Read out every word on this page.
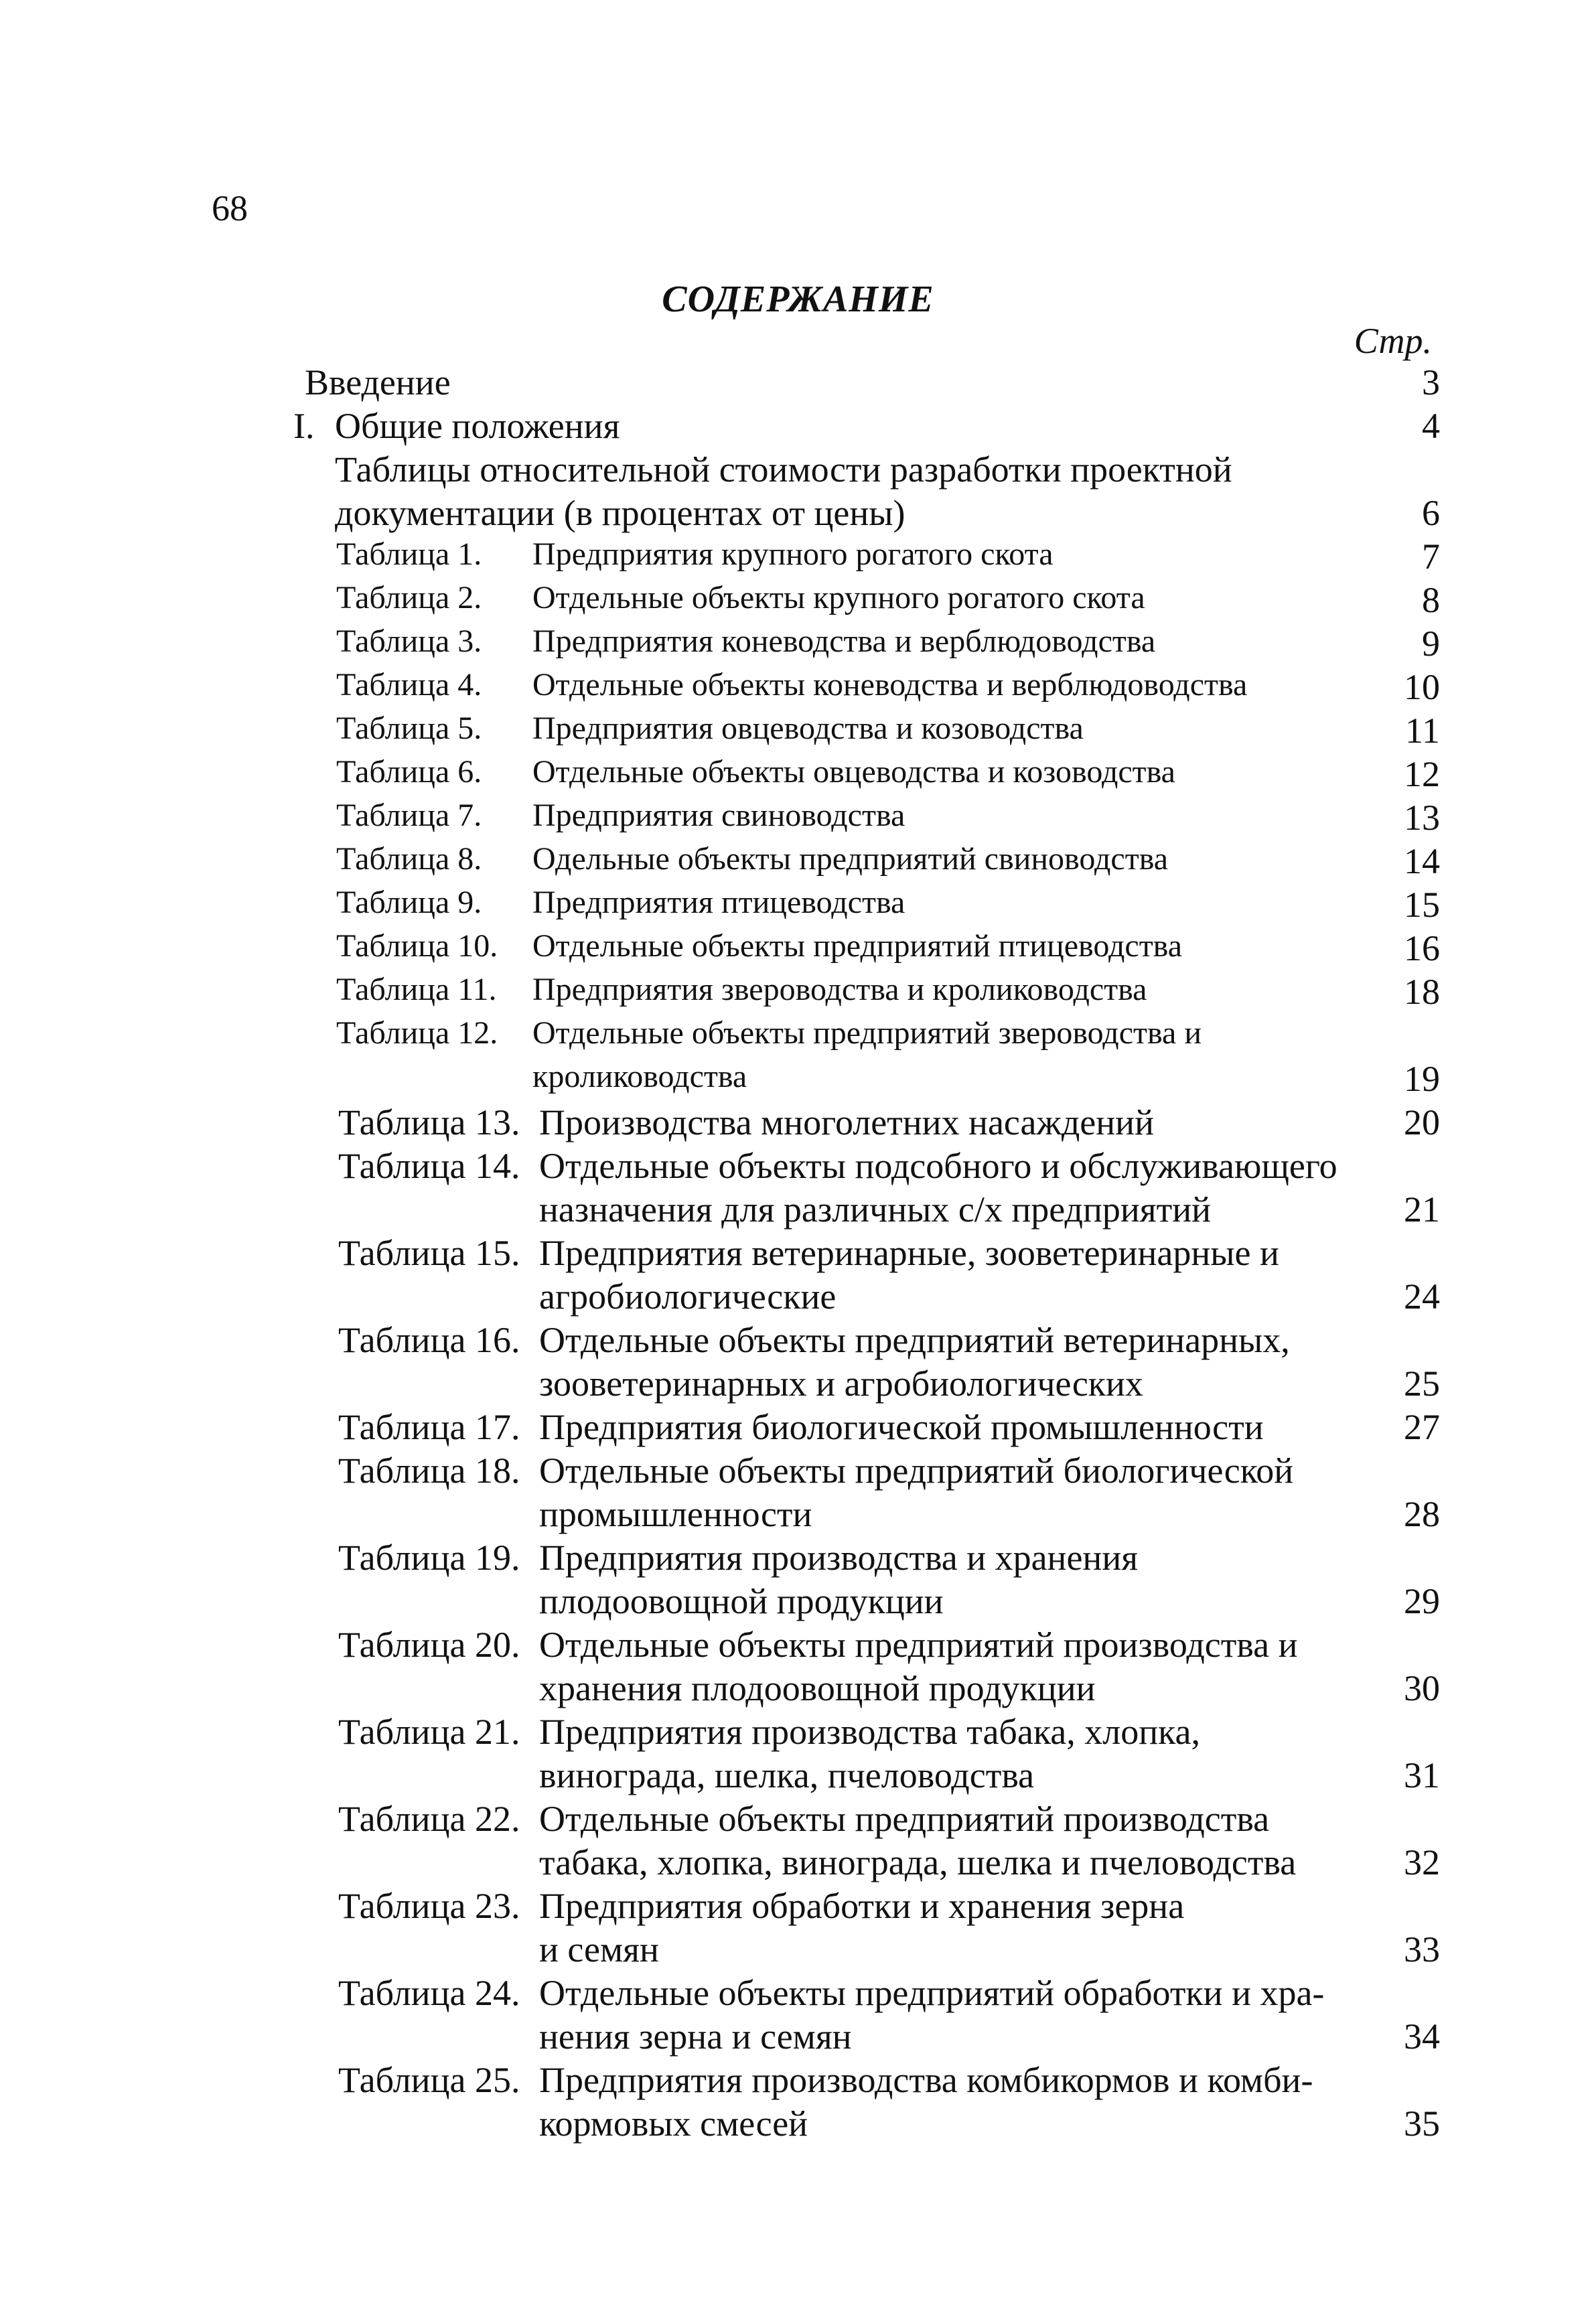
68
СОДЕРЖАНИЕ
Стр.
Введение	3
I. Общие положения	4
Таблицы относительной стоимости разработки проектной
документации (в процентах от цены)	6
Таблица 1. Предприятия крупного рогатого скота	7
Таблица 2. Отдельные объекты крупного рогатого скота	8
Таблица 3. Предприятия коневодства и верблюдоводства	9
Таблица 4. Отдельные объекты коневодства и верблюдоводства	10
Таблица 5. Предприятия овцеводства и козоводства	11
Таблица 6. Отдельные объекты овцеводства и козоводства	12
Таблица 7. Предприятия свиноводства	13
Таблица 8. Одельные объекты предприятий свиноводства	14
Таблица 9. Предприятия птицеводства	15
Таблица 10. Отдельные объекты предприятий птицеводства	16
Таблица 11. Предприятия звероводства и кролиководства	18
Таблица 12. Отдельные объекты предприятий звероводства и
кролиководства	19
Таблица 13. Производства многолетних насаждений	20
Таблица 14. Отдельные объекты подсобного и обслуживающего
назначения для различных с/х предприятий	21
Таблица 15. Предприятия ветеринарные, зооветеринарные и
агробиологические	24
Таблица 16. Отдельные объекты предприятий ветеринарных,
зооветеринарных и агробиологических	25
Таблица 17. Предприятия биологической промышленности	27
Таблица 18. Отдельные объекты предприятий биологической
промышленности	28
Таблица 19. Предприятия производства и хранения
плодоовощной продукции	29
Таблица 20. Отдельные объекты предприятий производства и
хранения плодоовощной продукции	30
Таблица 21. Предприятия производства табака, хлопка,
винограда, шелка, пчеловодства	31
Таблица 22. Отдельные объекты предприятий производства
табака, хлопка, винограда, шелка и пчеловодства	32
Таблица 23. Предприятия обработки и хранения зерна
и семян	33
Таблица 24. Отдельные объекты предприятий обработки и хра-
нения зерна и семян	34
Таблица 25. Предприятия производства комбикормов и комби-
кормовых смесей	35
